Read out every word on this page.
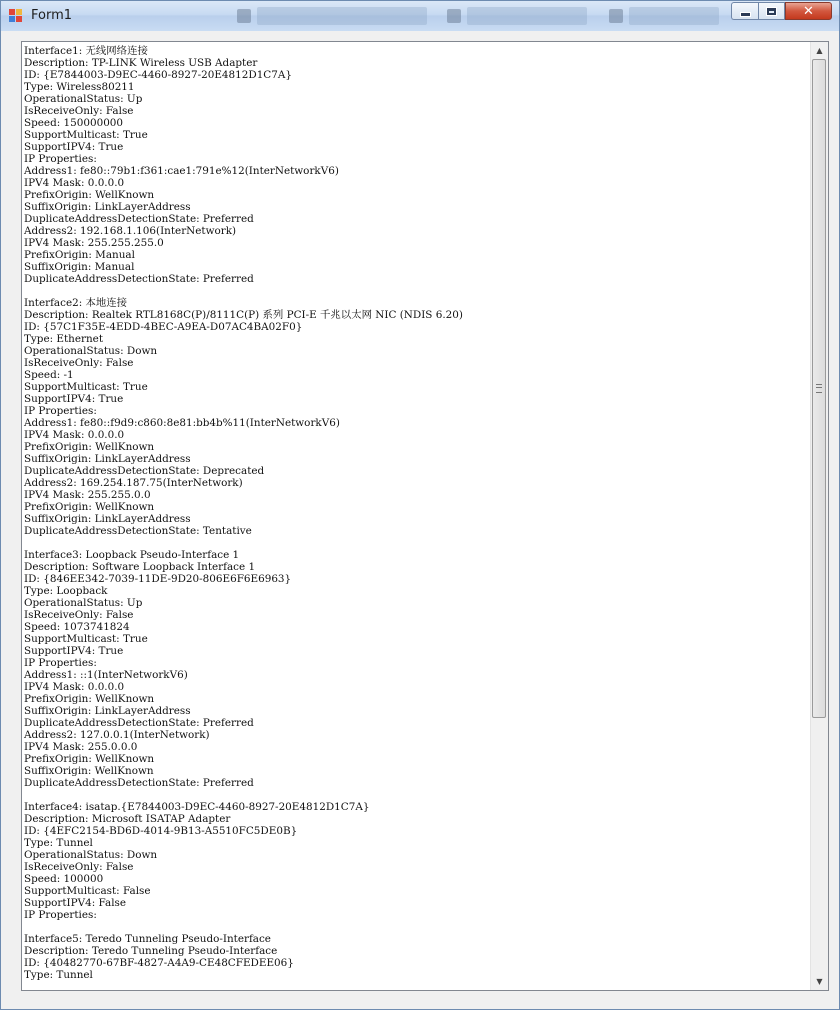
Form1	✕
Interface1: 无线网络连接
Description: TP-LINK Wireless USB Adapter
ID: {E7844003-D9EC-4460-8927-20E4812D1C7A}
Type: Wireless80211
OperationalStatus: Up
IsReceiveOnly: False
Speed: 150000000
SupportMulticast: True
SupportIPV4: True
IP Properties:
Address1: fe80::79b1:f361:cae1:791e%12(InterNetworkV6)
IPV4 Mask: 0.0.0.0
PrefixOrigin: WellKnown
SuffixOrigin: LinkLayerAddress
DuplicateAddressDetectionState: Preferred
Address2: 192.168.1.106(InterNetwork)
IPV4 Mask: 255.255.255.0
PrefixOrigin: Manual
SuffixOrigin: Manual
DuplicateAddressDetectionState: Preferred

Interface2: 本地连接
Description: Realtek RTL8168C(P)/8111C(P) 系列 PCI-E 千兆以太网 NIC (NDIS 6.20)
ID: {57C1F35E-4EDD-4BEC-A9EA-D07AC4BA02F0}
Type: Ethernet
OperationalStatus: Down
IsReceiveOnly: False
Speed: -1
SupportMulticast: True
SupportIPV4: True
IP Properties:
Address1: fe80::f9d9:c860:8e81:bb4b%11(InterNetworkV6)
IPV4 Mask: 0.0.0.0
PrefixOrigin: WellKnown
SuffixOrigin: LinkLayerAddress
DuplicateAddressDetectionState: Deprecated
Address2: 169.254.187.75(InterNetwork)
IPV4 Mask: 255.255.0.0
PrefixOrigin: WellKnown
SuffixOrigin: LinkLayerAddress
DuplicateAddressDetectionState: Tentative

Interface3: Loopback Pseudo-Interface 1
Description: Software Loopback Interface 1
ID: {846EE342-7039-11DE-9D20-806E6F6E6963}
Type: Loopback
OperationalStatus: Up
IsReceiveOnly: False
Speed: 1073741824
SupportMulticast: True
SupportIPV4: True
IP Properties:
Address1: ::1(InterNetworkV6)
IPV4 Mask: 0.0.0.0
PrefixOrigin: WellKnown
SuffixOrigin: LinkLayerAddress
DuplicateAddressDetectionState: Preferred
Address2: 127.0.0.1(InterNetwork)
IPV4 Mask: 255.0.0.0
PrefixOrigin: WellKnown
SuffixOrigin: WellKnown
DuplicateAddressDetectionState: Preferred

Interface4: isatap.{E7844003-D9EC-4460-8927-20E4812D1C7A}
Description: Microsoft ISATAP Adapter
ID: {4EFC2154-BD6D-4014-9B13-A5510FC5DE0B}
Type: Tunnel
OperationalStatus: Down
IsReceiveOnly: False
Speed: 100000
SupportMulticast: False
SupportIPV4: False
IP Properties:

Interface5: Teredo Tunneling Pseudo-Interface
Description: Teredo Tunneling Pseudo-Interface
ID: {40482770-67BF-4827-A4A9-CE48CFEDEE06}
Type: Tunnel

▲
▼
